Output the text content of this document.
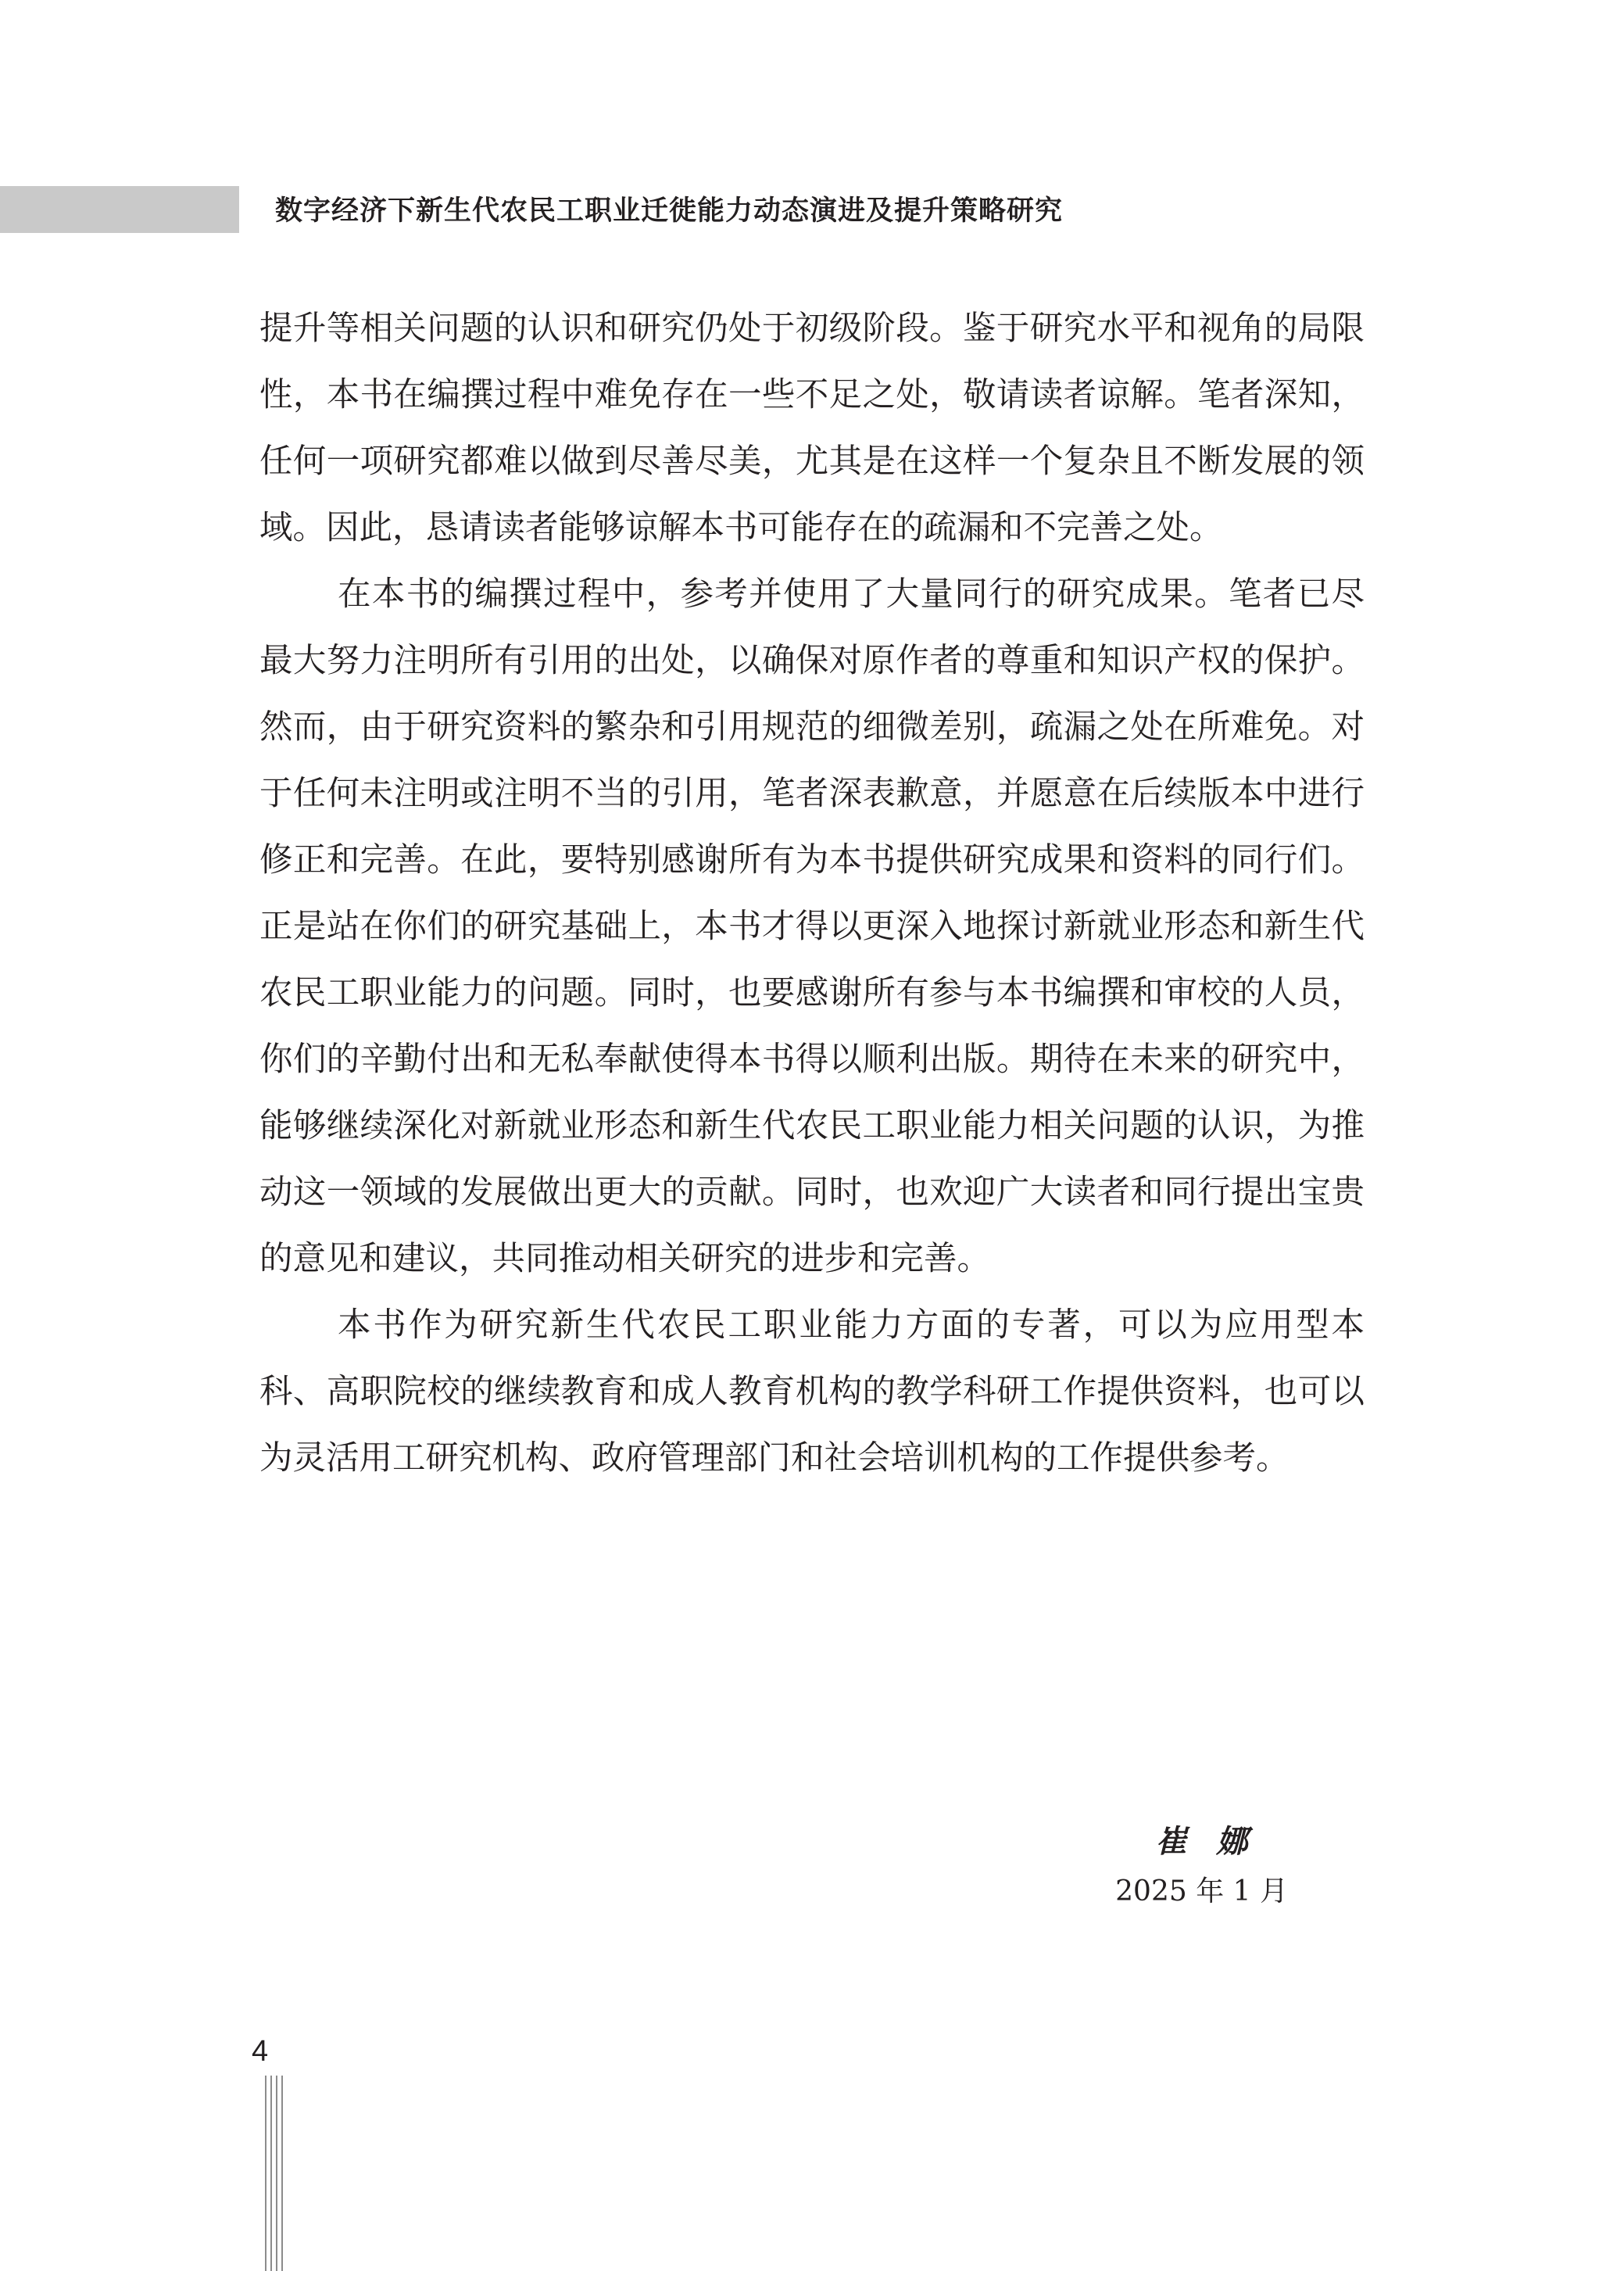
数字经济下新生代农民工职业迁徙能力动态演进及提升策略研究

提升等相关问题的认识和研究仍处于初级阶段。鉴于研究水平和视角的局限性，本书在编撰过程中难免存在一些不足之处，敬请读者谅解。笔者深知，任何一项研究都难以做到尽善尽美，尤其是在这样一个复杂且不断发展的领域。因此，恳请读者能够谅解本书可能存在的疏漏和不完善之处。

在本书的编撰过程中，参考并使用了大量同行的研究成果。笔者已尽最大努力注明所有引用的出处，以确保对原作者的尊重和知识产权的保护。然而，由于研究资料的繁杂和引用规范的细微差别，疏漏之处在所难免。对于任何未注明或注明不当的引用，笔者深表歉意，并愿意在后续版本中进行修正和完善。在此，要特别感谢所有为本书提供研究成果和资料的同行们。正是站在你们的研究基础上，本书才得以更深入地探讨新就业形态和新生代农民工职业能力的问题。同时，也要感谢所有参与本书编撰和审校的人员，你们的辛勤付出和无私奉献使得本书得以顺利出版。期待在未来的研究中，能够继续深化对新就业形态和新生代农民工职业能力相关问题的认识，为推动这一领域的发展做出更大的贡献。同时，也欢迎广大读者和同行提出宝贵的意见和建议，共同推动相关研究的进步和完善。

本书作为研究新生代农民工职业能力方面的专著，可以为应用型本科、高职院校的继续教育和成人教育机构的教学科研工作提供资料，也可以为灵活用工研究机构、政府管理部门和社会培训机构的工作提供参考。

崔娜
2025 年 1 月
4
